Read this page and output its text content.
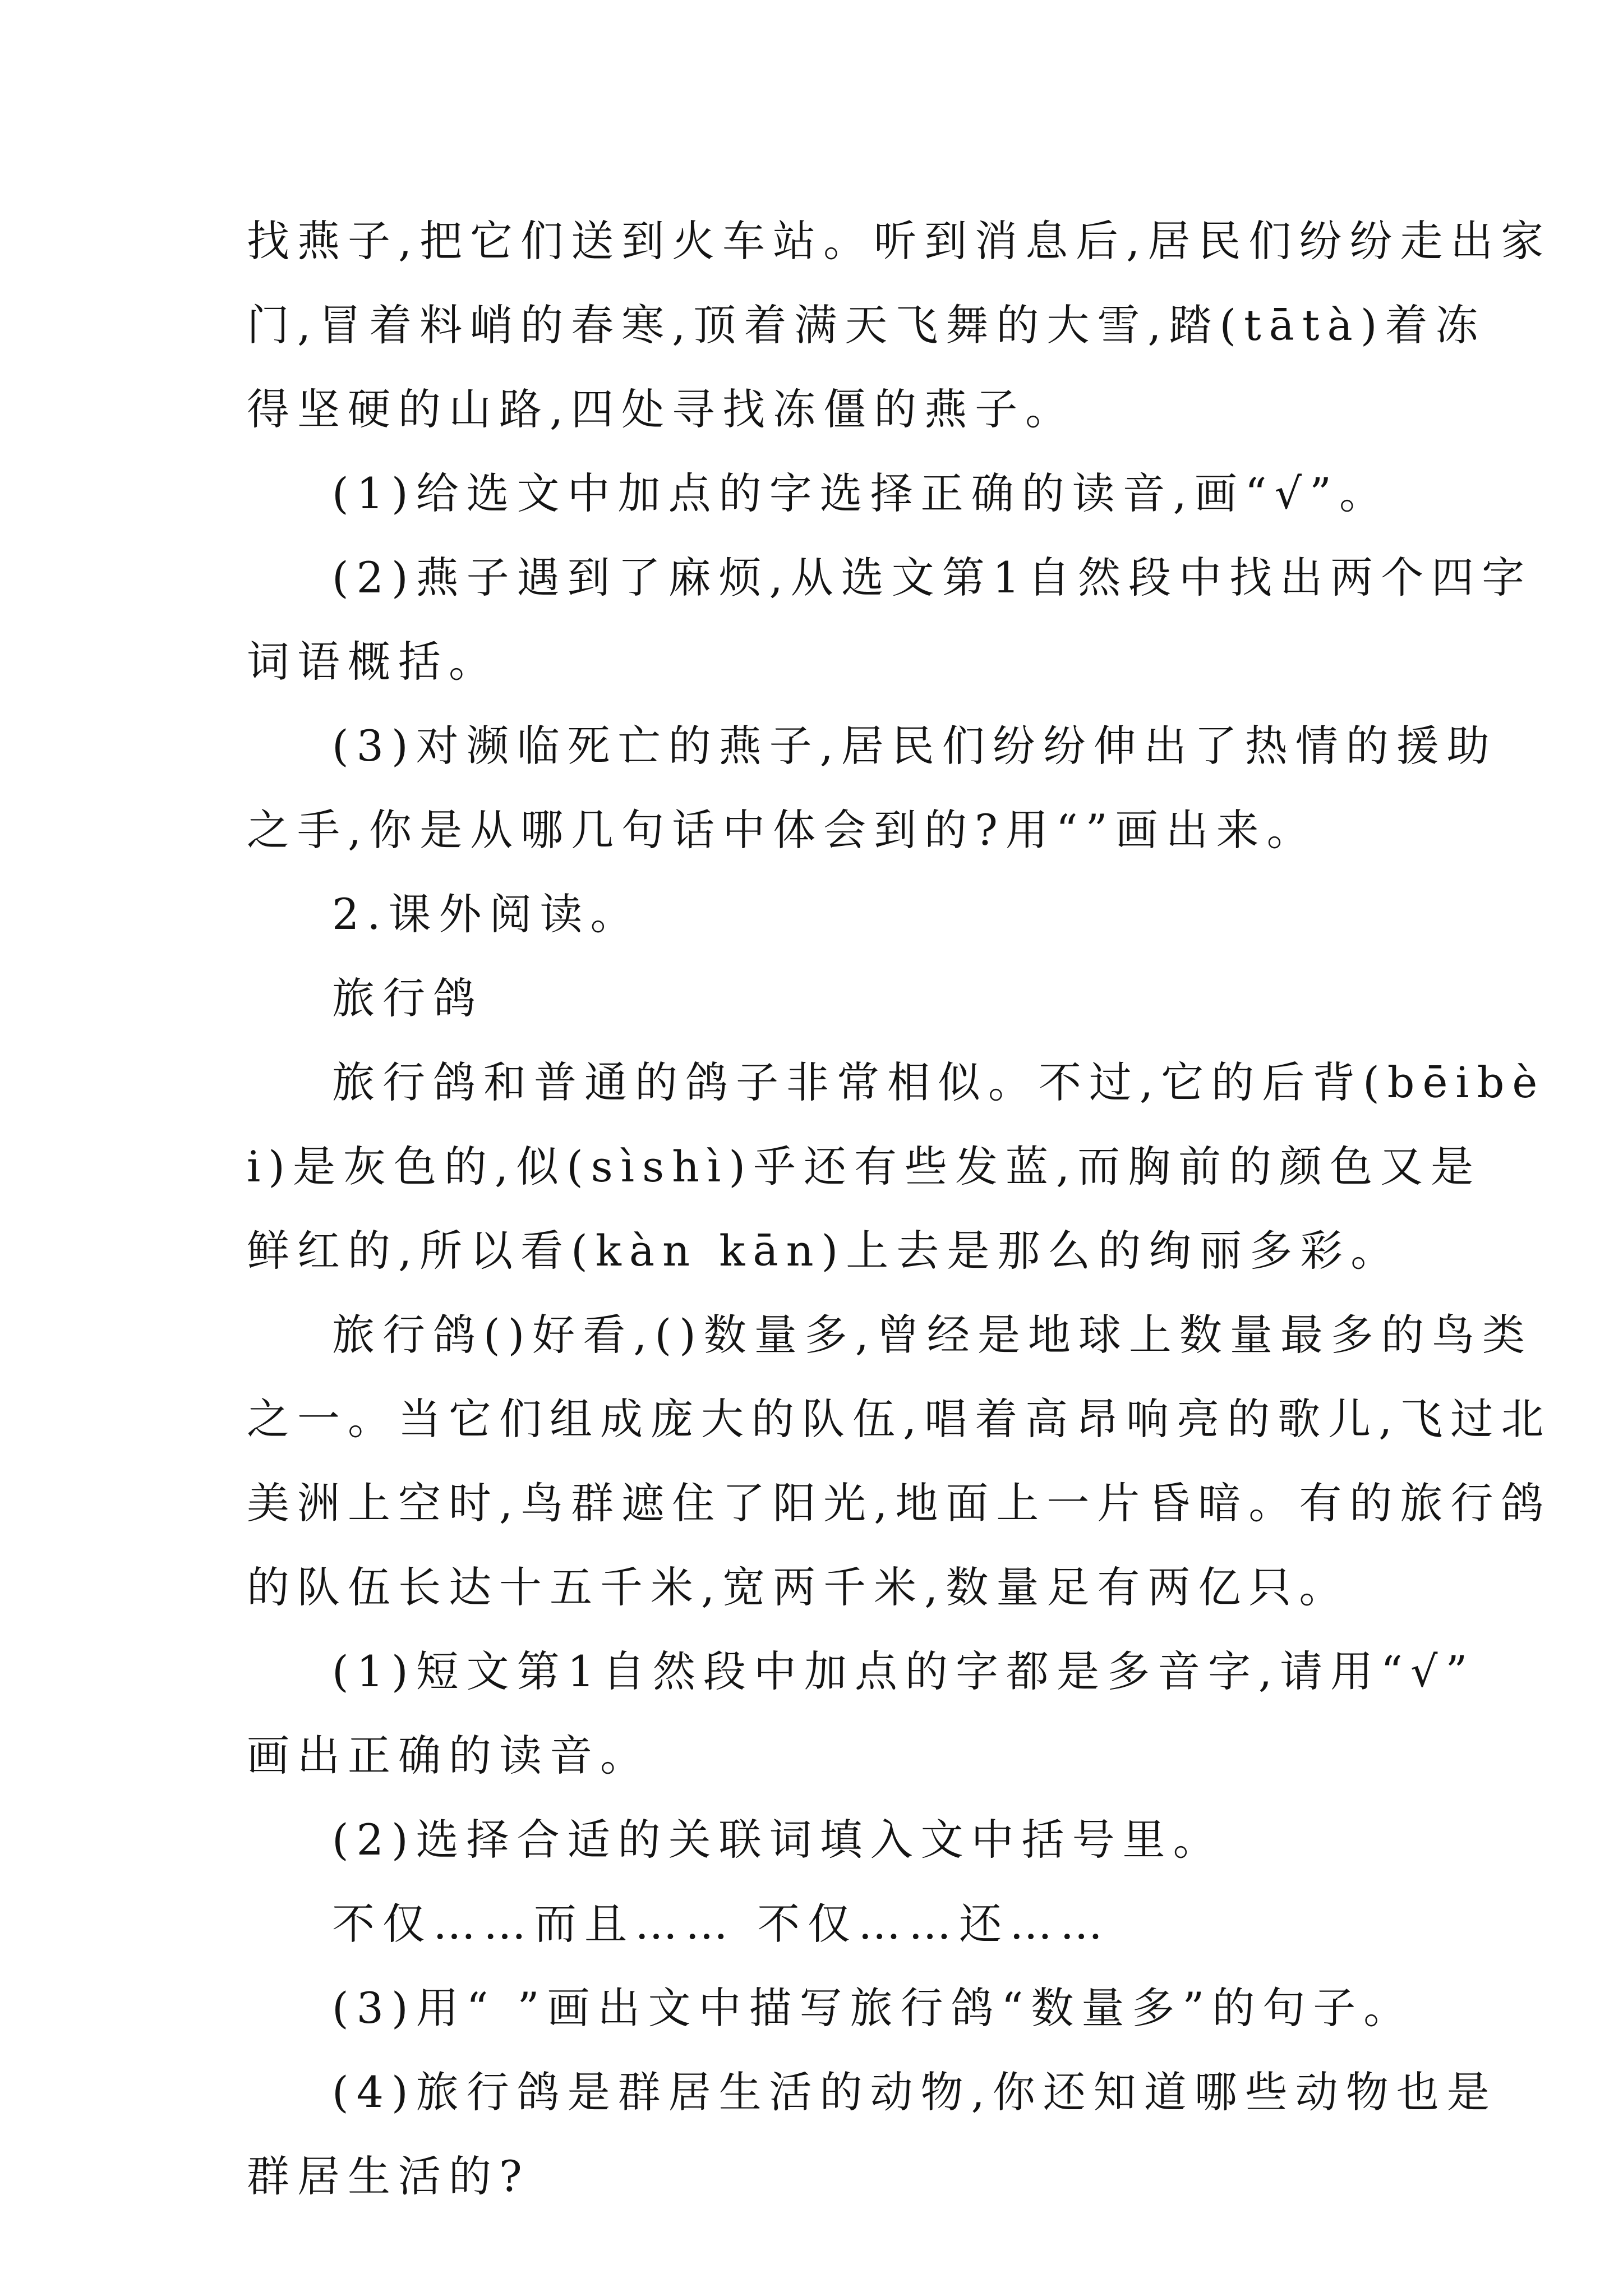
找燕子,把它们送到火车站。听到消息后,居民们纷纷走出家
门,冒着料峭的春寒,顶着满天飞舞的大雪,踏(tātà)着冻
得坚硬的山路,四处寻找冻僵的燕子。
(1)给选文中加点的字选择正确的读音,画“√”。
(2)燕子遇到了麻烦,从选文第1自然段中找出两个四字
词语概括。
(3)对濒临死亡的燕子,居民们纷纷伸出了热情的援助
之手,你是从哪几句话中体会到的?用“”画出来。
2.课外阅读。
旅行鸽
旅行鸽和普通的鸽子非常相似。不过,它的后背(bēibè
i)是灰色的,似(sìshì)乎还有些发蓝,而胸前的颜色又是
鲜红的,所以看(kàn kān)上去是那么的绚丽多彩。
旅行鸽()好看,()数量多,曾经是地球上数量最多的鸟类
之一。当它们组成庞大的队伍,唱着高昂响亮的歌儿,飞过北
美洲上空时,鸟群遮住了阳光,地面上一片昏暗。有的旅行鸽
的队伍长达十五千米,宽两千米,数量足有两亿只。
(1)短文第1自然段中加点的字都是多音字,请用“√”
画出正确的读音。
(2)选择合适的关联词填入文中括号里。
不仅……而且…… 不仅……还……
(3)用“ ”画出文中描写旅行鸽“数量多”的句子。
(4)旅行鸽是群居生活的动物,你还知道哪些动物也是
群居生活的?
